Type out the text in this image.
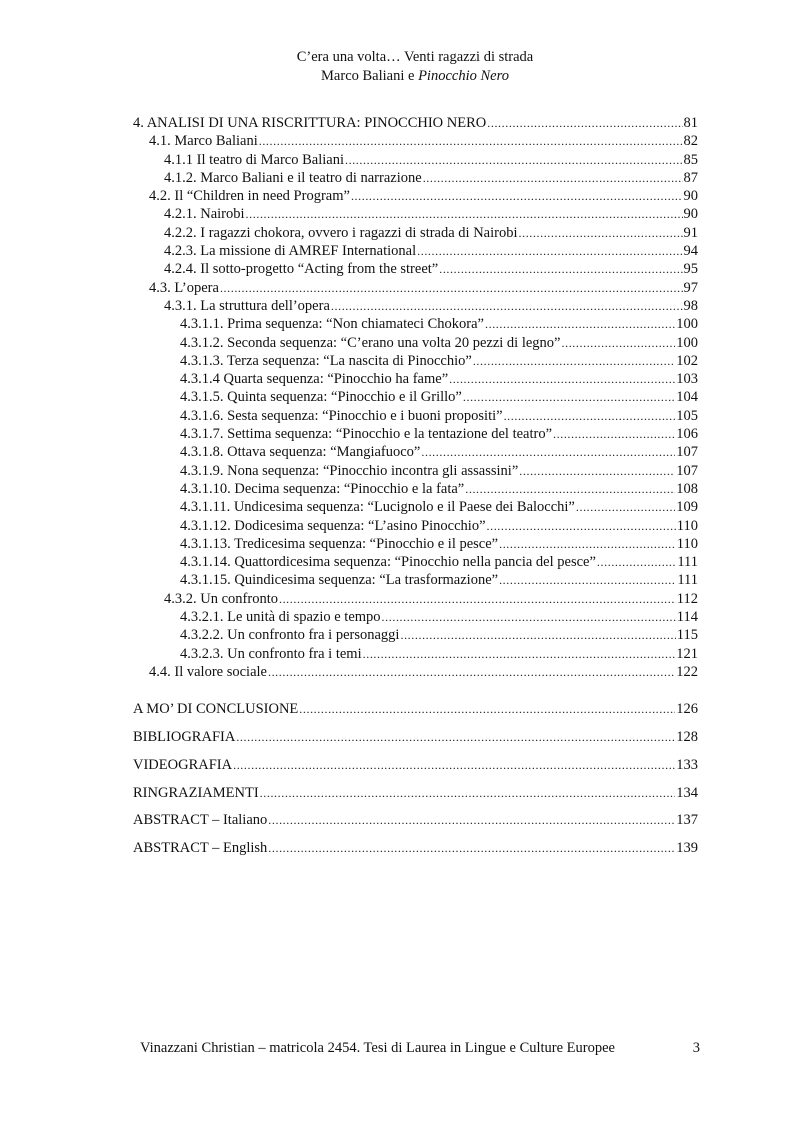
C’era una volta… Venti ragazzi di strada
Marco Baliani e Pinocchio Nero
4. ANALISI DI UNA RISCRITTURA: PINOCCHIO NERO .....	81
4.1. Marco Baliani .....	82
4.1.1 Il teatro di Marco Baliani .....	85
4.1.2. Marco Baliani e il teatro di narrazione .....	87
4.2. Il “Children in need Program” .....	90
4.2.1. Nairobi .....	90
4.2.2. I ragazzi chokora, ovvero i ragazzi di strada di Nairobi .....	91
4.2.3. La missione di AMREF International .....	94
4.2.4. Il sotto-progetto “Acting from the street” .....	95
4.3. L’opera .....	97
4.3.1. La struttura dell’opera .....	98
4.3.1.1. Prima sequenza: “Non chiamateci Chokora” .....	100
4.3.1.2. Seconda sequenza: “C’erano una volta 20 pezzi di legno” .....	100
4.3.1.3. Terza sequenza: “La nascita di Pinocchio” .....	102
4.3.1.4 Quarta sequenza: “Pinocchio ha fame” .....	103
4.3.1.5. Quinta sequenza: “Pinocchio e il Grillo” .....	104
4.3.1.6. Sesta sequenza: “Pinocchio e i buoni propositi” .....	105
4.3.1.7. Settima sequenza: “Pinocchio e la tentazione del teatro” .....	106
4.3.1.8. Ottava sequenza: “Mangiafuoco” .....	107
4.3.1.9. Nona sequenza: “Pinocchio incontra gli assassini” .....	107
4.3.1.10. Decima sequenza: “Pinocchio e la fata” .....	108
4.3.1.11. Undicesima sequenza: “Lucignolo e il Paese dei Balocchi” .....	109
4.3.1.12. Dodicesima sequenza: “L’asino Pinocchio” .....	110
4.3.1.13. Tredicesima sequenza: “Pinocchio e il pesce” .....	110
4.3.1.14. Quattordicesima sequenza: “Pinocchio nella pancia del pesce” .....	111
4.3.1.15. Quindicesima sequenza: “La trasformazione” .....	111
4.3.2. Un confronto .....	112
4.3.2.1. Le unità di spazio e tempo .....	114
4.3.2.2. Un confronto fra i personaggi .....	115
4.3.2.3. Un confronto fra i temi .....	121
4.4. Il valore sociale .....	122
A MO’ DI CONCLUSIONE .....	126
BIBLIOGRAFIA .....	128
VIDEOGRAFIA .....	133
RINGRAZIAMENTI .....	134
ABSTRACT – Italiano .....	137
ABSTRACT – English .....	139
Vinazzani Christian – matricola 2454. Tesi di Laurea in Lingue e Culture Europee	3
